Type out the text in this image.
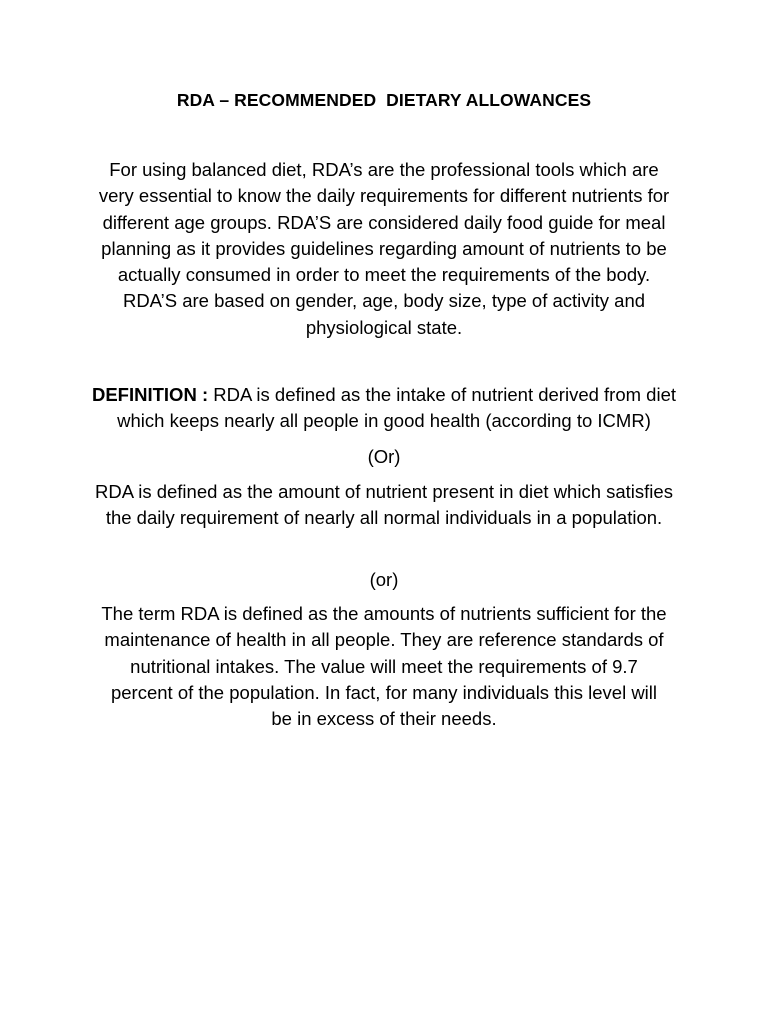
RDA – RECOMMENDED  DIETARY ALLOWANCES

For using balanced diet, RDA’s are the professional tools which are very essential to know the daily requirements for different nutrients for different age groups. RDA’S are considered daily food guide for meal planning as it provides guidelines regarding amount of nutrients to be actually consumed in order to meet the requirements of the body. RDA’S are based on gender, age, body size, type of activity and physiological state.

DEFINITION : RDA is defined as the intake of nutrient derived from diet which keeps nearly all people in good health (according to ICMR)

(Or)

RDA is defined as the amount of nutrient present in diet which satisfies the daily requirement of nearly all normal individuals in a population.

(or)

The term RDA is defined as the amounts of nutrients sufficient for the maintenance of health in all people. They are reference standards of nutritional intakes. The value will meet the requirements of 9.7 percent of the population. In fact, for many individuals this level will be in excess of their needs.
